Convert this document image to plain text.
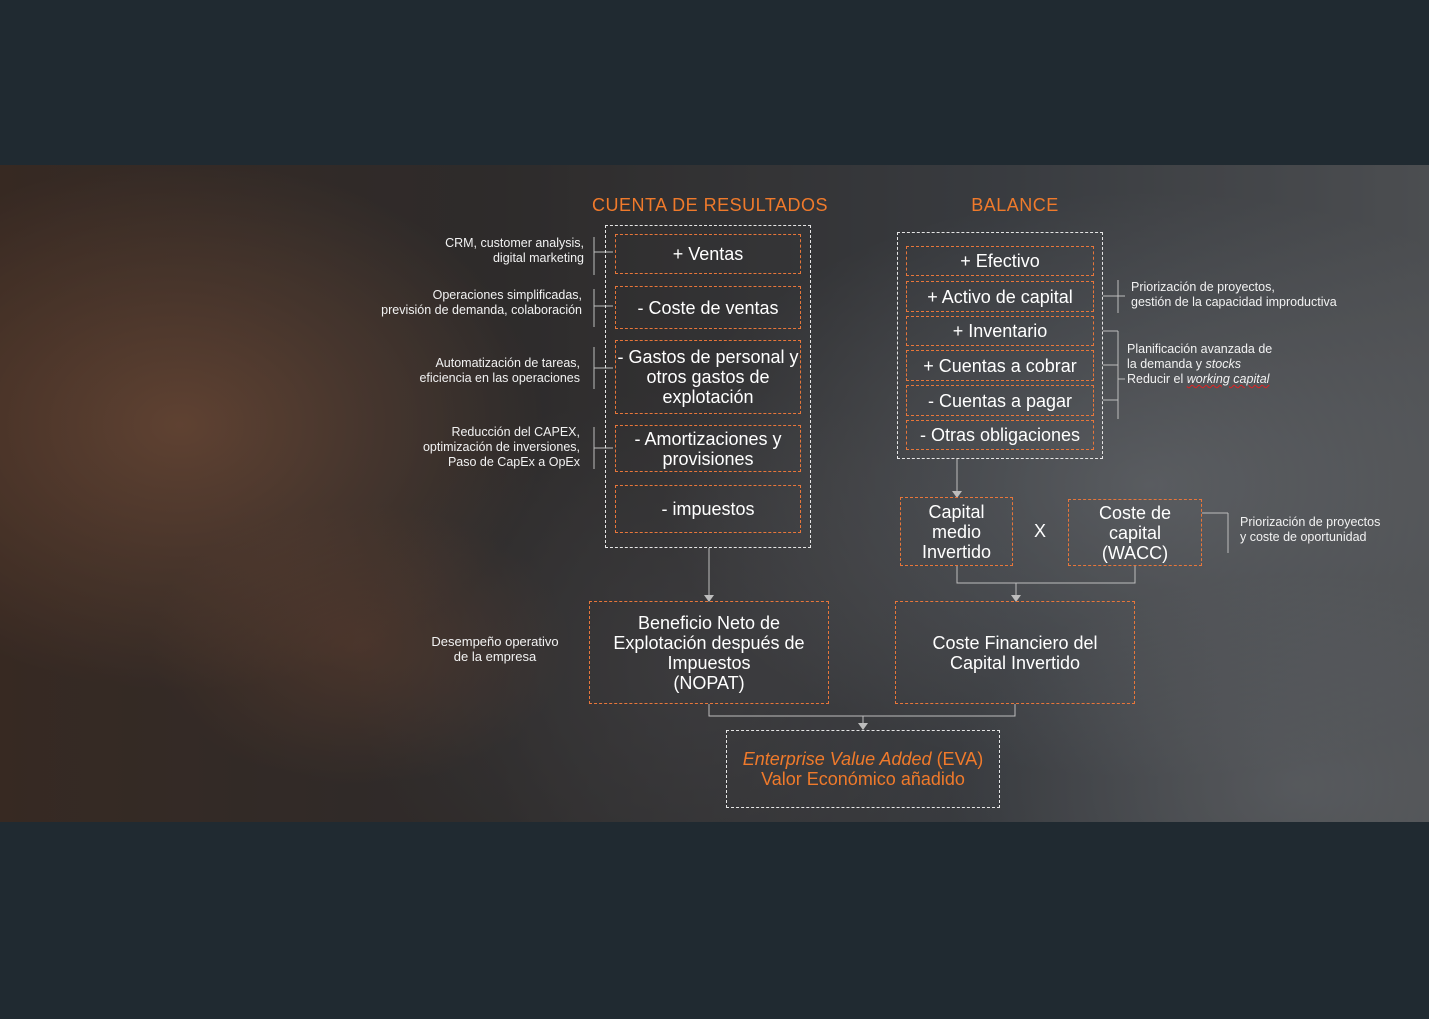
CUENTA DE RESULTADOS	BALANCE
+ Ventas
- Coste de ventas
- Gastos de personal y
otros gastos de
explotación
- Amortizaciones y
provisiones
- impuestos
CRM, customer analysis,
digital marketing
Operaciones simplificadas,
previsión de demanda, colaboración
Automatización de tareas,
eficiencia en las operaciones
Reducción del CAPEX,
optimización de inversiones,
Paso de CapEx a OpEx
+ Efectivo
+ Activo de capital
+ Inventario
+ Cuentas a cobrar
- Cuentas a pagar
- Otras obligaciones
Priorización de proyectos,
gestión de la capacidad improductiva
Planificación avanzada de
la demanda y stocks
Reducir el working capital
Capital
medio
Invertido
X
Coste de
capital
(WACC)
Priorización de proyectos
y coste de oportunidad
Beneficio Neto de
Explotación después de
Impuestos
(NOPAT)
Desempeño operativo
de la empresa
Coste Financiero del
Capital Invertido
Enterprise Value Added (EVA)
Valor Económico añadido
